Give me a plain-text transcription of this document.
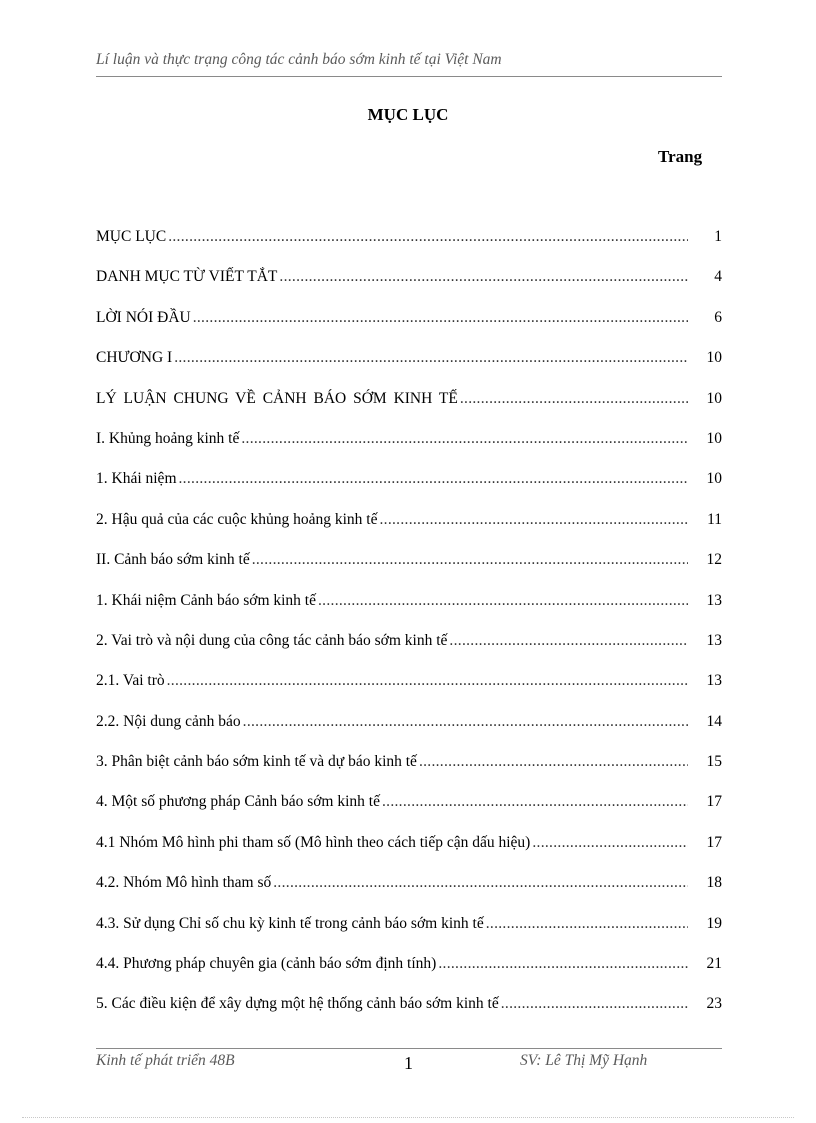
Lí luận và thực trạng công tác cảnh báo sớm kinh tế tại Việt Nam
MỤC LỤC
Trang
MỤC LỤC .....	1
DANH MỤC TỪ VIẾT TẮT .....	4
LỜI NÓI ĐẦU .....	6
CHƯƠNG I .....	10
LÝ LUẬN CHUNG VỀ CẢNH BÁO SỚM KINH TẾ .....	10
I. Khủng hoảng kinh tế .....	10
1. Khái niệm .....	10
2. Hậu quả của các cuộc khủng hoảng kinh tế .....	11
II. Cảnh báo sớm kinh tế .....	12
1. Khái niệm Cảnh báo sớm kinh tế .....	13
2. Vai trò và nội dung của công tác cảnh báo sớm kinh tế .....	13
2.1. Vai trò .....	13
2.2. Nội dung cảnh báo .....	14
3. Phân biệt cảnh báo sớm kinh tế và dự báo kinh tế .....	15
4. Một số phương pháp Cảnh báo sớm kinh tế .....	17
4.1 Nhóm Mô hình phi tham số (Mô hình theo cách tiếp cận dấu hiệu) .....	17
4.2. Nhóm Mô hình tham số .....	18
4.3. Sử dụng Chỉ số chu kỳ kinh tế trong cảnh báo sớm kinh tế .....	19
4.4. Phương pháp chuyên gia (cảnh báo sớm định tính) .....	21
5. Các điều kiện để xây dựng một hệ thống cảnh báo sớm kinh tế .....	23
Kinh tế phát triển 48B	1	SV: Lê Thị Mỹ Hạnh
